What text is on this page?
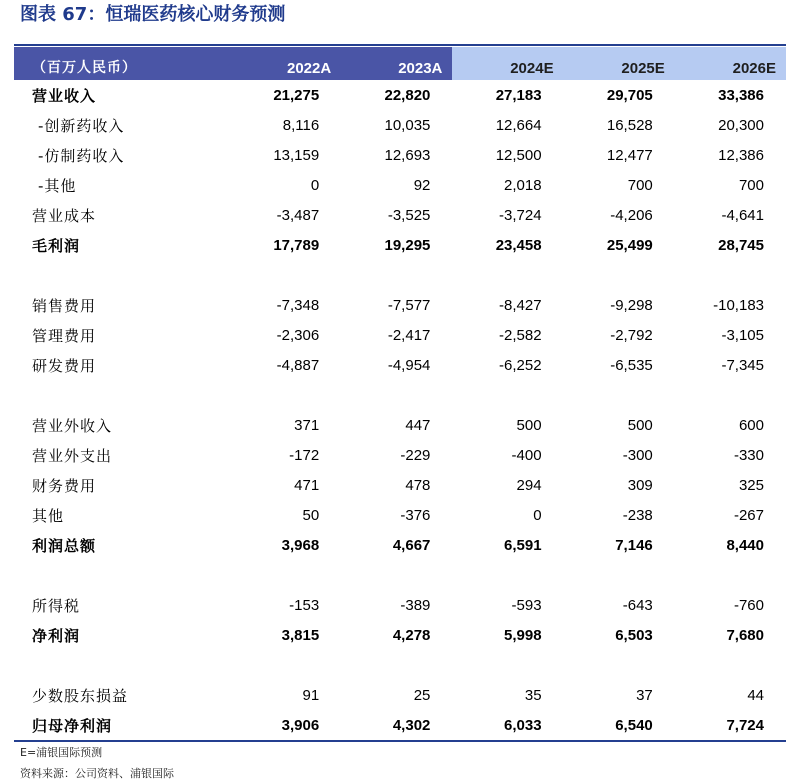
图表 67：恒瑞医药核心财务预测
（百万人民币）	2022A	2023A	2024E	2025E	2026E
营业收入	21,275	22,820	27,183	29,705	33,386
-创新药收入	8,116	10,035	12,664	16,528	20,300
-仿制药收入	13,159	12,693	12,500	12,477	12,386
-其他	0	92	2,018	700	700
营业成本	-3,487	-3,525	-3,724	-4,206	-4,641
毛利润	17,789	19,295	23,458	25,499	28,745

销售费用	-7,348	-7,577	-8,427	-9,298	-10,183
管理费用	-2,306	-2,417	-2,582	-2,792	-3,105
研发费用	-4,887	-4,954	-6,252	-6,535	-7,345

营业外收入	371	447	500	500	600
营业外支出	-172	-229	-400	-300	-330
财务费用	471	478	294	309	325
其他	50	-376	0	-238	-267
利润总额	3,968	4,667	6,591	7,146	8,440

所得税	-153	-389	-593	-643	-760
净利润	3,815	4,278	5,998	6,503	7,680

少数股东损益	91	25	35	37	44
归母净利润	3,906	4,302	6,033	6,540	7,724
E=浦银国际预测
资料来源：公司资料、浦银国际
